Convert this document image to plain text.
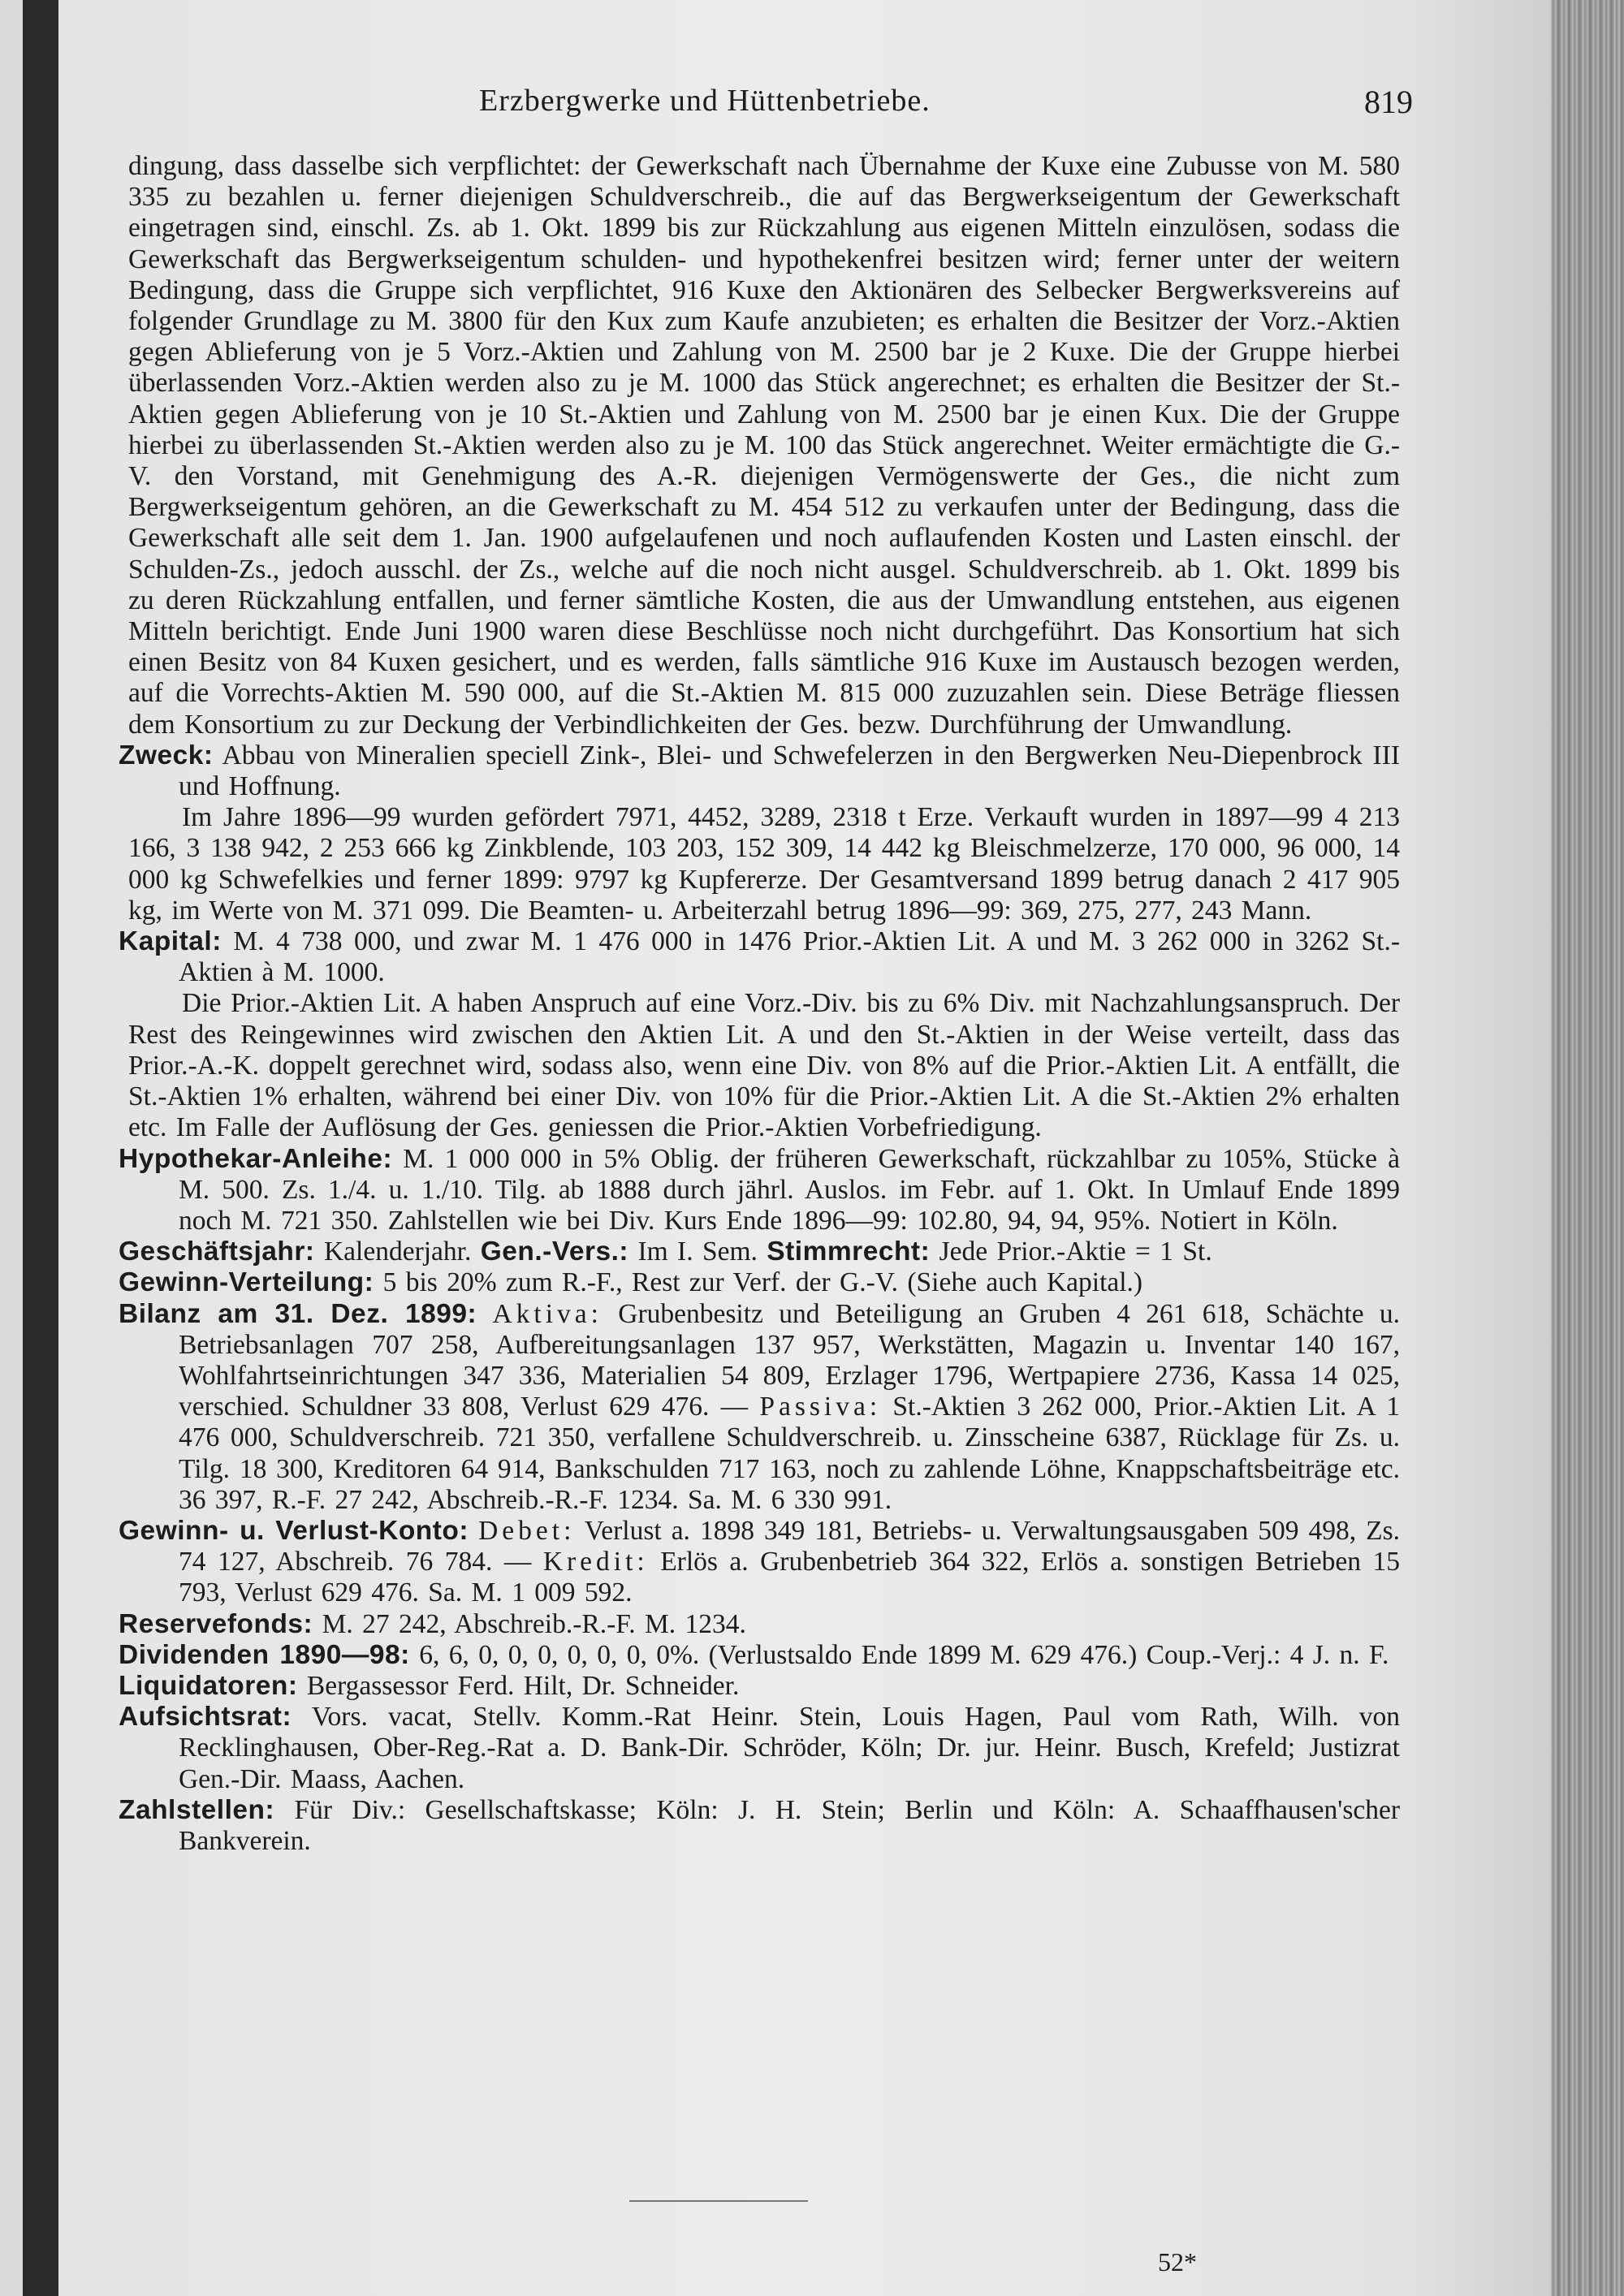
Erzbergwerke und Hüttenbetriebe.	819

dingung, dass dasselbe sich verpflichtet: der Gewerkschaft nach Übernahme der Kuxe eine Zubusse von M. 580 335 zu bezahlen u. ferner diejenigen Schuldverschreib., die auf das Bergwerkseigentum der Gewerkschaft eingetragen sind, einschl. Zs. ab 1. Okt. 1899 bis zur Rückzahlung aus eigenen Mitteln einzulösen, sodass die Gewerkschaft das Bergwerkseigentum schulden- und hypothekenfrei besitzen wird; ferner unter der weitern Bedingung, dass die Gruppe sich verpflichtet, 916 Kuxe den Aktionären des Selbecker Bergwerksvereins auf folgender Grundlage zu M. 3800 für den Kux zum Kaufe anzubieten; es erhalten die Besitzer der Vorz.-Aktien gegen Ablieferung von je 5 Vorz.-Aktien und Zahlung von M. 2500 bar je 2 Kuxe. Die der Gruppe hierbei überlassenden Vorz.-Aktien werden also zu je M. 1000 das Stück angerechnet; es erhalten die Besitzer der St.-Aktien gegen Ablieferung von je 10 St.-Aktien und Zahlung von M. 2500 bar je einen Kux. Die der Gruppe hierbei zu überlassenden St.-Aktien werden also zu je M. 100 das Stück angerechnet. Weiter ermächtigte die G.-V. den Vorstand, mit Genehmigung des A.-R. diejenigen Vermögenswerte der Ges., die nicht zum Bergwerkseigentum gehören, an die Gewerkschaft zu M. 454 512 zu verkaufen unter der Bedingung, dass die Gewerkschaft alle seit dem 1. Jan. 1900 aufgelaufenen und noch auflaufenden Kosten und Lasten einschl. der Schulden-Zs., jedoch ausschl. der Zs., welche auf die noch nicht ausgel. Schuldverschreib. ab 1. Okt. 1899 bis zu deren Rückzahlung entfallen, und ferner sämtliche Kosten, die aus der Umwandlung entstehen, aus eigenen Mitteln berichtigt. Ende Juni 1900 waren diese Beschlüsse noch nicht durchgeführt. Das Konsortium hat sich einen Besitz von 84 Kuxen gesichert, und es werden, falls sämtliche 916 Kuxe im Austausch bezogen werden, auf die Vorrechts-Aktien M. 590 000, auf die St.-Aktien M. 815 000 zuzuzahlen sein. Diese Beträge fliessen dem Konsortium zu zur Deckung der Verbindlichkeiten der Ges. bezw. Durchführung der Umwandlung.

Zweck: Abbau von Mineralien speciell Zink-, Blei- und Schwefelerzen in den Bergwerken Neu-Diepenbrock III und Hoffnung.

Im Jahre 1896—99 wurden gefördert 7971, 4452, 3289, 2318 t Erze. Verkauft wurden in 1897—99 4 213 166, 3 138 942, 2 253 666 kg Zinkblende, 103 203, 152 309, 14 442 kg Bleischmelzerze, 170 000, 96 000, 14 000 kg Schwefelkies und ferner 1899: 9797 kg Kupfererze. Der Gesamtversand 1899 betrug danach 2 417 905 kg, im Werte von M. 371 099. Die Beamten- u. Arbeiterzahl betrug 1896—99: 369, 275, 277, 243 Mann.

Kapital: M. 4 738 000, und zwar M. 1 476 000 in 1476 Prior.-Aktien Lit. A und M. 3 262 000 in 3262 St.-Aktien à M. 1000.

Die Prior.-Aktien Lit. A haben Anspruch auf eine Vorz.-Div. bis zu 6% Div. mit Nachzahlungsanspruch. Der Rest des Reingewinnes wird zwischen den Aktien Lit. A und den St.-Aktien in der Weise verteilt, dass das Prior.-A.-K. doppelt gerechnet wird, sodass also, wenn eine Div. von 8% auf die Prior.-Aktien Lit. A entfällt, die St.-Aktien 1% erhalten, während bei einer Div. von 10% für die Prior.-Aktien Lit. A die St.-Aktien 2% erhalten etc. Im Falle der Auflösung der Ges. geniessen die Prior.-Aktien Vorbefriedigung.

Hypothekar-Anleihe: M. 1 000 000 in 5% Oblig. der früheren Gewerkschaft, rückzahlbar zu 105%, Stücke à M. 500. Zs. 1./4. u. 1./10. Tilg. ab 1888 durch jährl. Auslos. im Febr. auf 1. Okt. In Umlauf Ende 1899 noch M. 721 350. Zahlstellen wie bei Div. Kurs Ende 1896—99: 102.80, 94, 94, 95%. Notiert in Köln.

Geschäftsjahr: Kalenderjahr. Gen.-Vers.: Im I. Sem. Stimmrecht: Jede Prior.-Aktie = 1 St.

Gewinn-Verteilung: 5 bis 20% zum R.-F., Rest zur Verf. der G.-V. (Siehe auch Kapital.)

Bilanz am 31. Dez. 1899: Aktiva: Grubenbesitz und Beteiligung an Gruben 4 261 618, Schächte u. Betriebsanlagen 707 258, Aufbereitungsanlagen 137 957, Werkstätten, Magazin u. Inventar 140 167, Wohlfahrtseinrichtungen 347 336, Materialien 54 809, Erzlager 1796, Wertpapiere 2736, Kassa 14 025, verschied. Schuldner 33 808, Verlust 629 476. — Passiva: St.-Aktien 3 262 000, Prior.-Aktien Lit. A 1 476 000, Schuldverschreib. 721 350, verfallene Schuldverschreib. u. Zinsscheine 6387, Rücklage für Zs. u. Tilg. 18 300, Kreditoren 64 914, Bankschulden 717 163, noch zu zahlende Löhne, Knappschaftsbeiträge etc. 36 397, R.-F. 27 242, Abschreib.-R.-F. 1234. Sa. M. 6 330 991.

Gewinn- u. Verlust-Konto: Debet: Verlust a. 1898 349 181, Betriebs- u. Verwaltungsausgaben 509 498, Zs. 74 127, Abschreib. 76 784. — Kredit: Erlös a. Grubenbetrieb 364 322, Erlös a. sonstigen Betrieben 15 793, Verlust 629 476. Sa. M. 1 009 592.

Reservefonds: M. 27 242, Abschreib.-R.-F. M. 1234.

Dividenden 1890—98: 6, 6, 0, 0, 0, 0, 0, 0, 0%. (Verlustsaldo Ende 1899 M. 629 476.) Coup.-Verj.: 4 J. n. F.

Liquidatoren: Bergassessor Ferd. Hilt, Dr. Schneider.

Aufsichtsrat: Vors. vacat, Stellv. Komm.-Rat Heinr. Stein, Louis Hagen, Paul vom Rath, Wilh. von Recklinghausen, Ober-Reg.-Rat a. D. Bank-Dir. Schröder, Köln; Dr. jur. Heinr. Busch, Krefeld; Justizrat Gen.-Dir. Maass, Aachen.

Zahlstellen: Für Div.: Gesellschaftskasse; Köln: J. H. Stein; Berlin und Köln: A. Schaaffhausen'scher Bankverein.

52*
